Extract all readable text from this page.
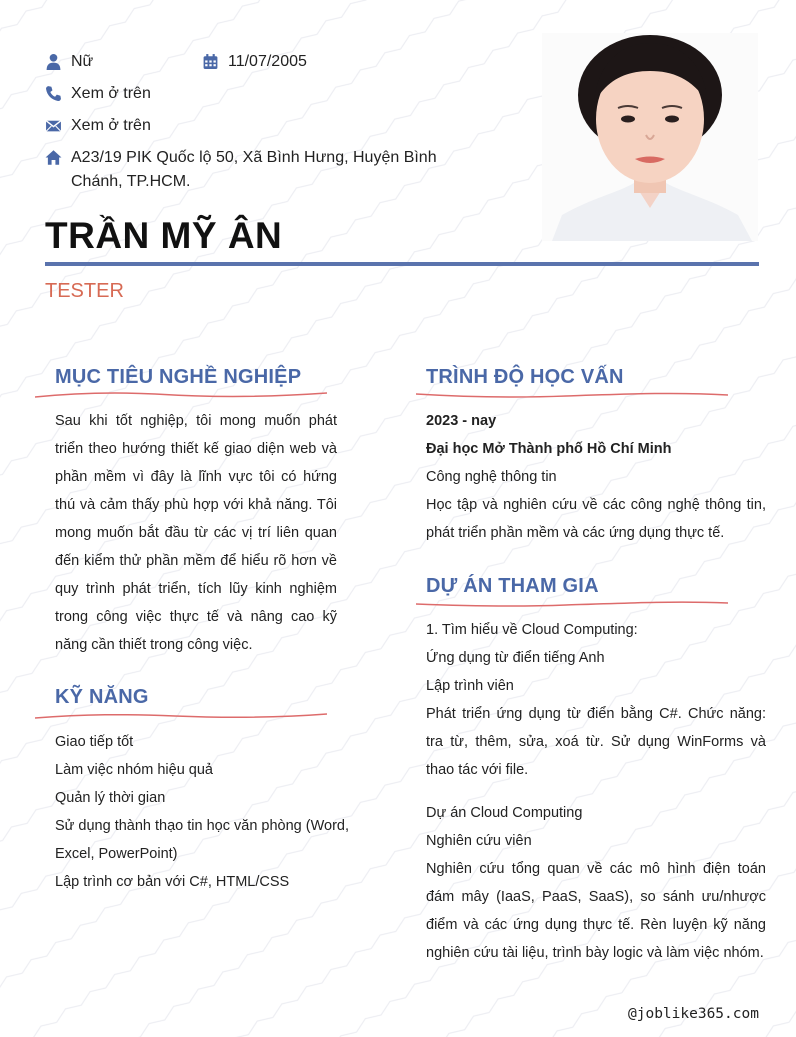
Nữ	11/07/2005
Xem ở trên
Xem ở trên
A23/19 PIK Quốc lộ 50, Xã Bình Hưng, Huyện Bình
Chánh, TP.HCM.
TRẦN MỸ ÂN
TESTER
MỤC TIÊU NGHỀ NGHIỆP

Sau khi tốt nghiệp, tôi mong muốn phát triển theo hướng thiết kế giao diện web và phần mềm vì đây là lĩnh vực tôi có hứng thú và cảm thấy phù hợp với khả năng. Tôi mong muốn bắt đầu từ các vị trí liên quan đến kiểm thử phần mềm để hiểu rõ hơn về quy trình phát triển, tích lũy kinh nghiệm trong công việc thực tế và nâng cao kỹ năng cần thiết trong công việc.

KỸ NĂNG
Giao tiếp tốt
Làm việc nhóm hiệu quả
Quản lý thời gian
Sử dụng thành thạo tin học văn phòng (Word,
Excel, PowerPoint)
Lập trình cơ bản với C#, HTML/CSS
TRÌNH ĐỘ HỌC VẤN
2023 - nay
Đại học Mở Thành phố Hồ Chí Minh
Công nghệ thông tin

Học tập và nghiên cứu về các công nghệ thông tin, phát triển phần mềm và các ứng dụng thực tế.

DỰ ÁN THAM GIA
1. Tìm hiểu về Cloud Computing:
Ứng dụng từ điển tiếng Anh
Lập trình viên

Phát triển ứng dụng từ điển bằng C#. Chức năng: tra từ, thêm, sửa, xoá từ. Sử dụng WinForms và thao tác với file.

Dự án Cloud Computing
Nghiên cứu viên

Nghiên cứu tổng quan về các mô hình điện toán đám mây (IaaS, PaaS, SaaS), so sánh ưu/nhược điểm và các ứng dụng thực tế. Rèn luyện kỹ năng nghiên cứu tài liệu, trình bày logic và làm việc nhóm.

@joblike365.com
